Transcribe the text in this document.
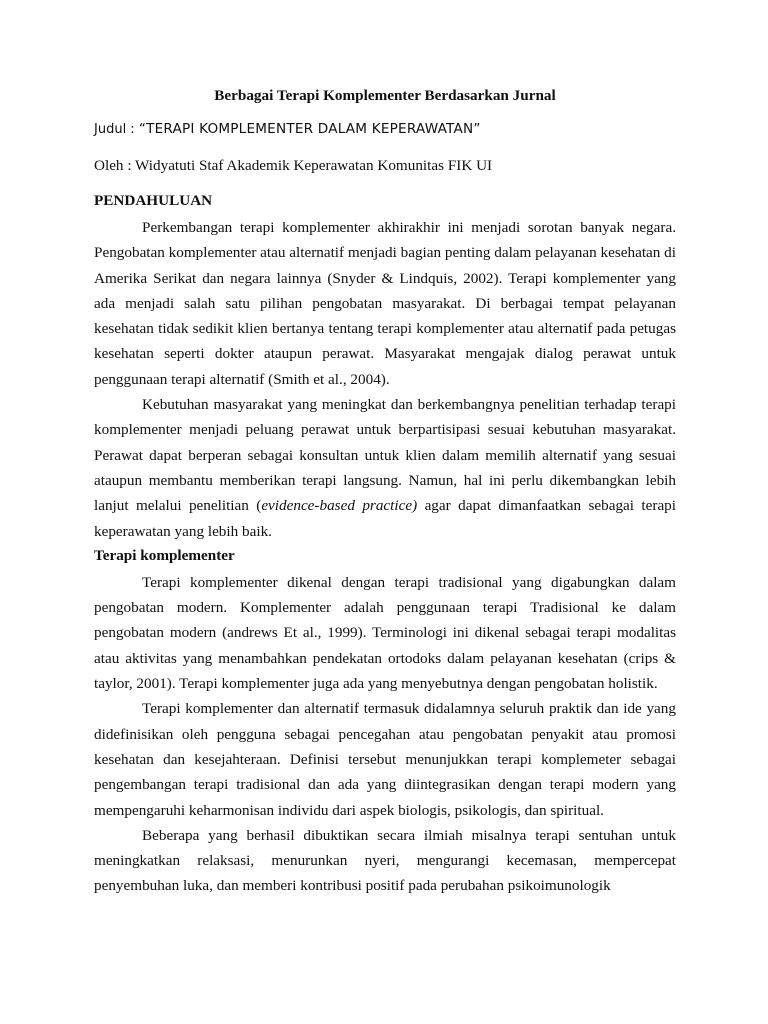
Berbagai Terapi Komplementer Berdasarkan Jurnal

Judul : “TERAPI KOMPLEMENTER DALAM KEPERAWATAN”

Oleh : Widyatuti Staf Akademik Keperawatan Komunitas FIK UI

PENDAHULUAN

Perkembangan terapi komplementer akhirakhir ini menjadi sorotan banyak negara. Pengobatan komplementer atau alternatif menjadi bagian penting dalam pelayanan kesehatan di Amerika Serikat dan negara lainnya (Snyder & Lindquis, 2002). Terapi komplementer yang ada menjadi salah satu pilihan pengobatan masyarakat. Di berbagai tempat pelayanan kesehatan tidak sedikit klien bertanya tentang terapi komplementer atau alternatif pada petugas kesehatan seperti dokter ataupun perawat. Masyarakat mengajak dialog perawat untuk penggunaan terapi alternatif (Smith et al., 2004).

Kebutuhan masyarakat yang meningkat dan berkembangnya penelitian terhadap terapi komplementer menjadi peluang perawat untuk berpartisipasi sesuai kebutuhan masyarakat. Perawat dapat berperan sebagai konsultan untuk klien dalam memilih alternatif yang sesuai ataupun membantu memberikan terapi langsung. Namun, hal ini perlu dikembangkan lebih lanjut melalui penelitian (evidence-based practice) agar dapat dimanfaatkan sebagai terapi keperawatan yang lebih baik.

Terapi komplementer

Terapi komplementer dikenal dengan terapi tradisional yang digabungkan dalam pengobatan modern. Komplementer adalah penggunaan terapi Tradisional ke dalam pengobatan modern (andrews Et al., 1999). Terminologi ini dikenal sebagai terapi modalitas atau aktivitas yang menambahkan pendekatan ortodoks dalam pelayanan kesehatan (crips & taylor, 2001). Terapi komplementer juga ada yang menyebutnya dengan pengobatan holistik.

Terapi komplementer dan alternatif termasuk didalamnya seluruh praktik dan ide yang didefinisikan oleh pengguna sebagai pencegahan atau pengobatan penyakit atau promosi kesehatan dan kesejahteraan. Definisi tersebut menunjukkan terapi komplemeter sebagai pengembangan terapi tradisional dan ada yang diintegrasikan dengan terapi modern yang mempengaruhi keharmonisan individu dari aspek biologis, psikologis, dan spiritual.

Beberapa yang berhasil dibuktikan secara ilmiah misalnya terapi sentuhan untuk meningkatkan relaksasi, menurunkan nyeri, mengurangi kecemasan, mempercepat penyembuhan luka, dan memberi kontribusi positif pada perubahan psikoimunologik
